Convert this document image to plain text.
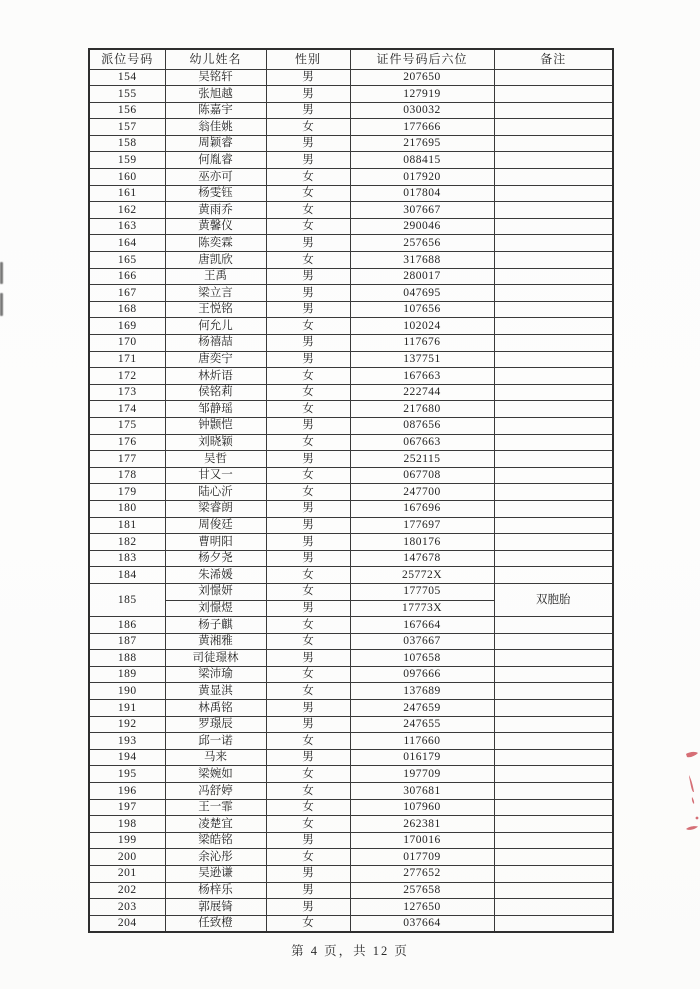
派位号码	幼儿姓名	性别	证件号码后六位	备注
154	吴铭轩	男	207650	
155	张旭越	男	127919	
156	陈嘉宇	男	030032	
157	翁佳姚	女	177666	
158	周颖睿	男	217695	
159	何胤睿	男	088415	
160	巫亦可	女	017920	
161	杨雯钰	女	017804	
162	黄雨乔	女	307667	
163	黄馨仪	女	290046	
164	陈奕霖	男	257656	
165	唐凯欣	女	317688	
166	王禹	男	280017	
167	梁立言	男	047695	
168	王悦铭	男	107656	
169	何允儿	女	102024	
170	杨禧喆	男	117676	
171	唐奕宁	男	137751	
172	林炘语	女	167663	
173	侯铭莉	女	222744	
174	邹静瑶	女	217680	
175	钟颢恺	男	087656	
176	刘晓颖	女	067663	
177	吴哲	男	252115	
178	甘又一	女	067708	
179	陆心沂	女	247700	
180	梁睿朗	男	167696	
181	周俊廷	男	177697	
182	曹明阳	男	180176	
183	杨夕尧	男	147678	
184	朱浠媛	女	25772X	
185	刘憬妍	女	177705	双胞胎
	刘憬煜	男	17773X	
186	杨子麒	女	167664	
187	黄湘雅	女	037667	
188	司徒璟林	男	107658	
189	梁沛瑜	女	097666	
190	黄显淇	女	137689	
191	林禹铭	男	247659	
192	罗璟辰	男	247655	
193	邱一诺	女	117660	
194	马来	男	016179	
195	梁婉如	女	197709	
196	冯舒婷	女	307681	
197	王一霏	女	107960	
198	凌楚宜	女	262381	
199	梁皓铭	男	170016	
200	余沁彤	女	017709	
201	吴逊谦	男	277652	
202	杨梓乐	男	257658	
203	郭展锜	男	127650	
204	任致橙	女	037664	
第 4 页，共 12 页
